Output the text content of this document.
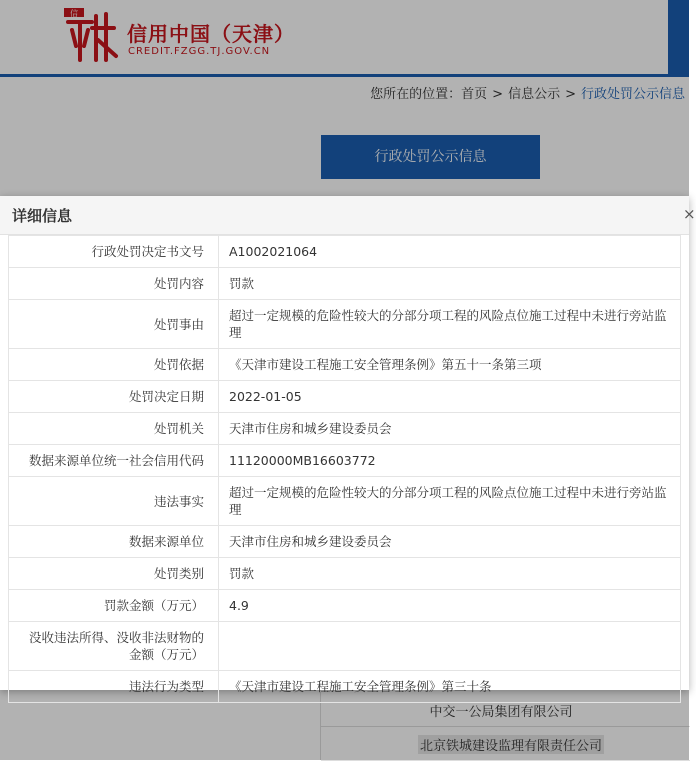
信
信用中国（天津）
CREDIT.FZGG.TJ.GOV.CN
您所在的位置：首页 > 信息公示 > 行政处罚公示信息
行政处罚公示信息
中交一公局集团有限公司
北京铁城建设监理有限责任公司
详细信息	×
行政处罚决定书文号	A1002021064
处罚内容	罚款
处罚事由	超过一定规模的危险性较大的分部分项工程的风险点位施工过程中未进行旁站监理
处罚依据	《天津市建设工程施工安全管理条例》第五十一条第三项
处罚决定日期	2022-01-05
处罚机关	天津市住房和城乡建设委员会
数据来源单位统一社会信用代码	11120000MB16603772
违法事实	超过一定规模的危险性较大的分部分项工程的风险点位施工过程中未进行旁站监理
数据来源单位	天津市住房和城乡建设委员会
处罚类别	罚款
罚款金额（万元）	4.9
没收违法所得、没收非法财物的金额（万元）	
违法行为类型	《天津市建设工程施工安全管理条例》第三十条
